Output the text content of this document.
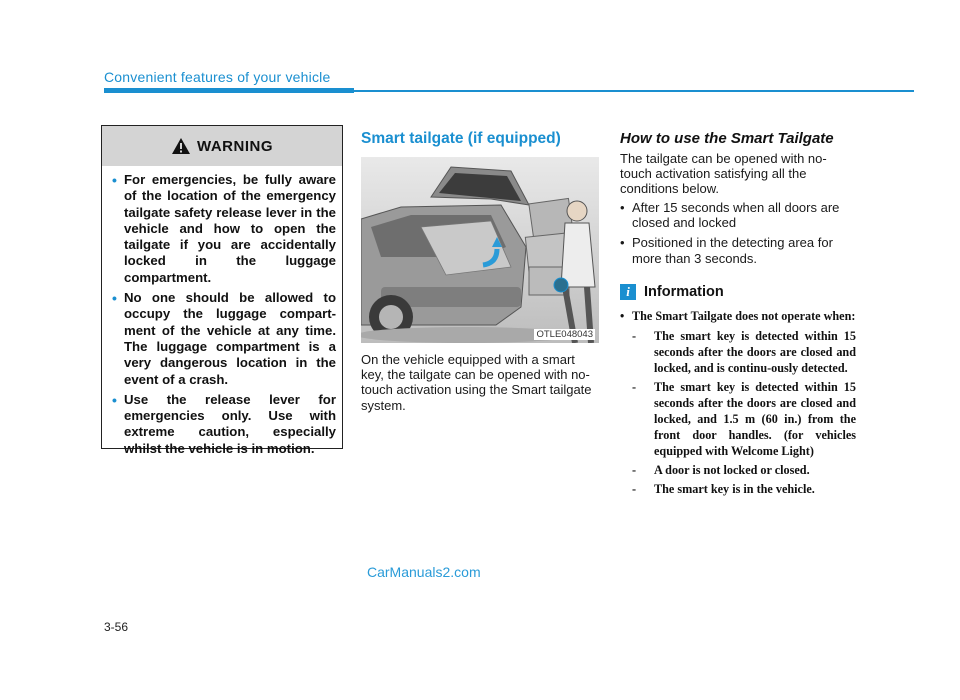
Convenient features of your vehicle
WARNING
• For emergencies, be fully aware of the location of the emergency tailgate safety release lever in the vehicle and how to open the tailgate if you are accidentally locked in the luggage compartment.
• No one should be allowed to occupy the luggage compart-ment of the vehicle at any time. The luggage compartment is a very dangerous location in the event of a crash.
• Use the release lever for emergencies only. Use with extreme caution, especially whilst the vehicle is in motion.
Smart tailgate (if equipped)
OTLE048043
On the vehicle equipped with a smart key, the tailgate can be opened with no-touch activation using the Smart tailgate system.
How to use the Smart Tailgate
The tailgate can be opened with no-touch activation satisfying all the conditions below.
• After 15 seconds when all doors are closed and locked
• Positioned in the detecting area for more than 3 seconds.
i Information
• The Smart Tailgate does not operate when:
- The smart key is detected within 15 seconds after the doors are closed and locked, and is continu-ously detected.
- The smart key is detected within 15 seconds after the doors are closed and locked, and 1.5 m (60 in.) from the front door handles. (for vehicles equipped with Welcome Light)
- A door is not locked or closed.
- The smart key is in the vehicle.
CarManuals2.com
3-56
